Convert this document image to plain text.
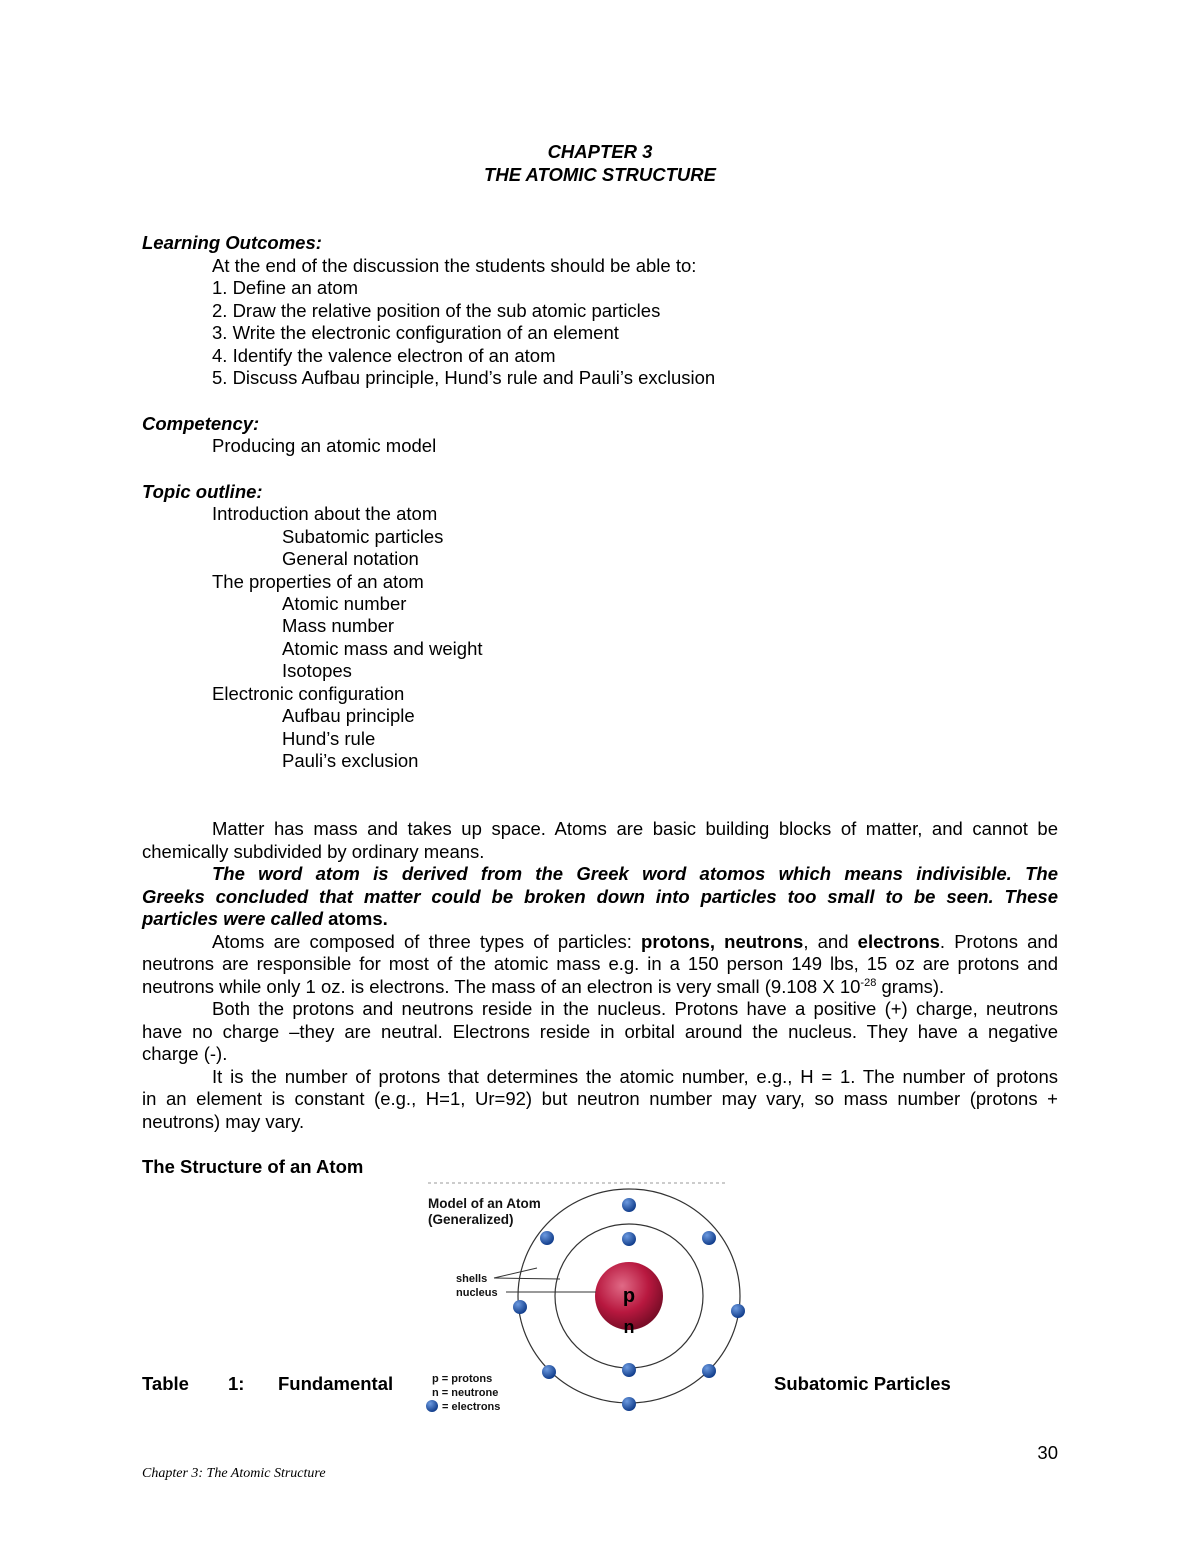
CHAPTER 3
THE ATOMIC STRUCTURE
Learning Outcomes:
At the end of the discussion the students should be able to:
1. Define an atom
2. Draw the relative position of the sub atomic particles
3. Write the electronic configuration of an element
4. Identify the valence electron of an atom
5. Discuss Aufbau principle, Hund’s rule and Pauli’s exclusion
Competency:
Producing an atomic model
Topic outline:
Introduction about the atom
Subatomic particles
General notation
The properties of an atom
Atomic number
Mass number
Atomic mass and weight
Isotopes
Electronic configuration
Aufbau principle
Hund’s rule
Pauli’s exclusion
Matter has mass and takes up space. Atoms are basic building blocks of matter, and cannot be
chemically subdivided by ordinary means.
The word atom is derived from the Greek word atomos which means indivisible. The
Greeks concluded that matter could be broken down into particles too small to be seen. These
particles were called atoms.
Atoms are composed of three types of particles: protons, neutrons, and electrons. Protons and
neutrons are responsible for most of the atomic mass e.g. in a 150 person 149 lbs, 15 oz are protons and
neutrons while only 1 oz. is electrons. The mass of an electron is very small (9.108 X $10^{-28}$ grams).
Both the protons and neutrons reside in the nucleus. Protons have a positive (+) charge, neutrons
have no charge –they are neutral. Electrons reside in orbital around the nucleus. They have a negative
charge (-).
It is the number of protons that determines the atomic number, e.g., H = 1. The number of protons
in an element is constant (e.g., H=1, Ur=92) but neutron number may vary, so mass number (protons +
neutrons) may vary.
The Structure of an Atom
p
n
Model of an Atom
(Generalized)
shells
nucleus
p = protons
n = neutrone
= electrons
Table 1: Fundamental	Subatomic Particles
30
Chapter 3: The Atomic Structure
